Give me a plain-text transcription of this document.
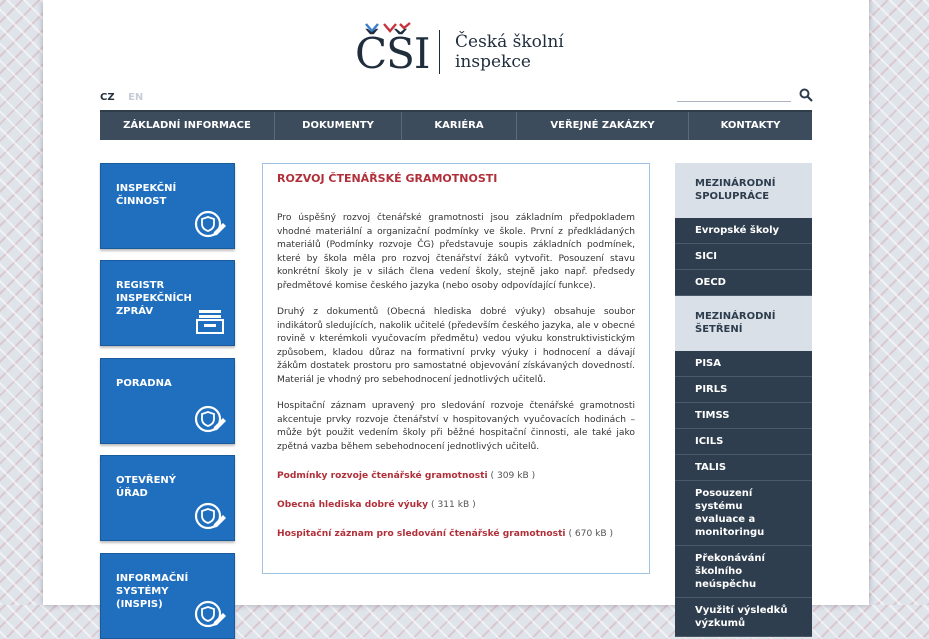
ČŠI Česká školní
inspekce
CZ EN
ZÁKLADNÍ INFORMACE	DOKUMENTY	KARIÉRA	VEŘEJNÉ ZAKÁZKY	KONTAKTY
INSPEKČNÍ ČINNOST
REGISTR INSPEKČNÍCH ZPRÁV
PORADNA
OTEVŘENÝ ÚŘAD
INFORMAČNÍ SYSTÉMY (INSPIS)
ROZVOJ ČTENÁŘSKÉ GRAMOTNOSTI

Pro úspěšný rozvoj čtenářské gramotnosti jsou základním předpokladem vhodné materiální a organizační podmínky ve škole. První z předkládaných materiálů (Podmínky rozvoje ČG) představuje soupis základních podmínek, které by škola měla pro rozvoj čtenářství žáků vytvořit. Posouzení stavu konkrétní školy je v silách člena vedení školy, stejně jako např. předsedy předmětové komise českého jazyka (nebo osoby odpovídající funkce).

Druhý z dokumentů (Obecná hlediska dobré výuky) obsahuje soubor indikátorů sledujících, nakolik učitelé (především českého jazyka, ale v obecné rovině v kterémkoli vyučovacím předmětu) vedou výuku konstruktivistickým způsobem, kladou důraz na formativní prvky výuky i hodnocení a dávají žákům dostatek prostoru pro samostatné objevování získávaných dovedností. Materiál je vhodný pro sebehodnocení jednotlivých učitelů.

Hospitační záznam upravený pro sledování rozvoje čtenářské gramotnosti akcentuje prvky rozvoje čtenářství v hospitovaných vyučovacích hodinách – může být použit vedením školy při běžné hospitační činnosti, ale také jako zpětná vazba během sebehodnocení jednotlivých učitelů.

Podmínky rozvoje čtenářské gramotnosti ( 309 kB )
Obecná hlediska dobré výuky ( 311 kB )
Hospitační záznam pro sledování čtenářské gramotnosti ( 670 kB )
MEZINÁRODNÍ SPOLUPRÁCE
Evropské školy
SICI
OECD
MEZINÁRODNÍ ŠETŘENÍ
PISA
PIRLS
TIMSS
ICILS
TALIS
Posouzení systému evaluace a monitoringu
Překonávání školního neúspěchu
Využití výsledků výzkumů
